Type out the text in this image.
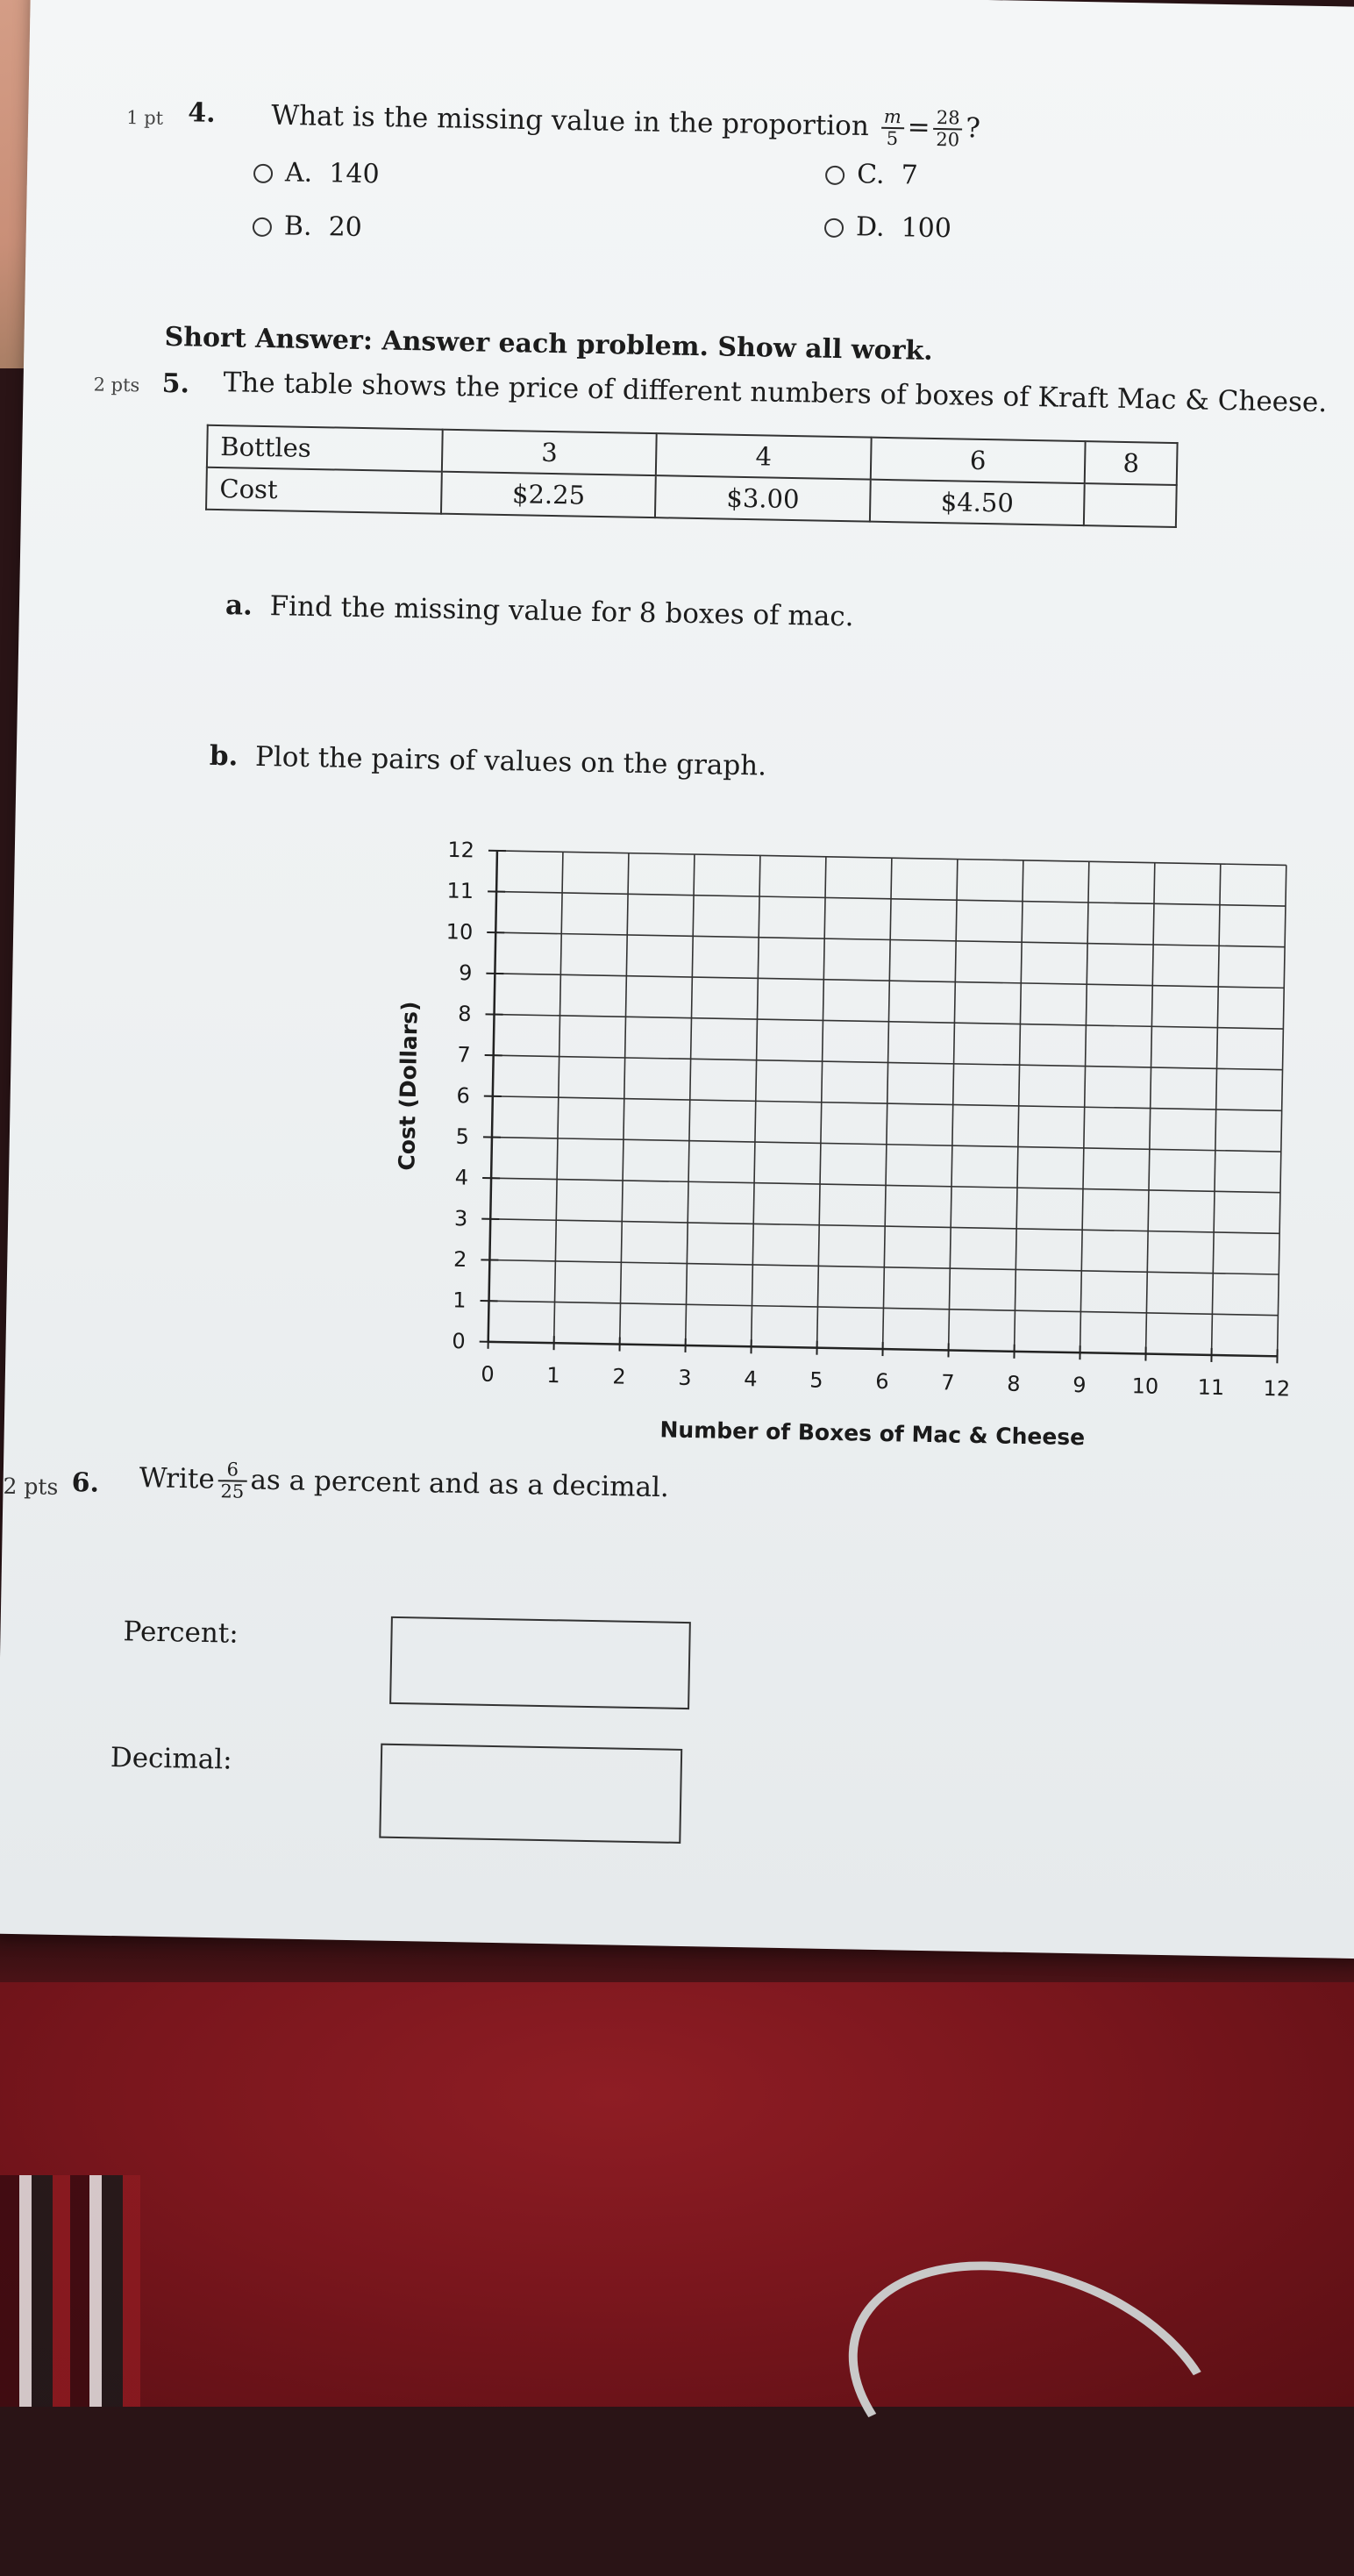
1 pt 4. What is the missing value in the proportion $\frac{m}{5} = \frac{28}{20}$ ?
A. 140
B. 20
C. 7
D. 100
Short Answer: Answer each problem. Show all work.
2 pts 5. The table shows the price of different numbers of boxes of Kraft Mac & Cheese.
Bottles	3	4	6	8
Cost	$2.25	$3.00	$4.50	
a. Find the missing value for 8 boxes of mac.
b. Plot the pairs of values on the graph.
0 1 2 3 4 5 6 7 8 9 10 11 12
0
1
2
3
4
5
6
7
8
9
10
11
12
Number of Boxes of Mac & Cheese
Cost (Dollars)
2 pts 6. Write $\frac{6}{25}$ as a percent and as a decimal.
Percent:
Decimal:
